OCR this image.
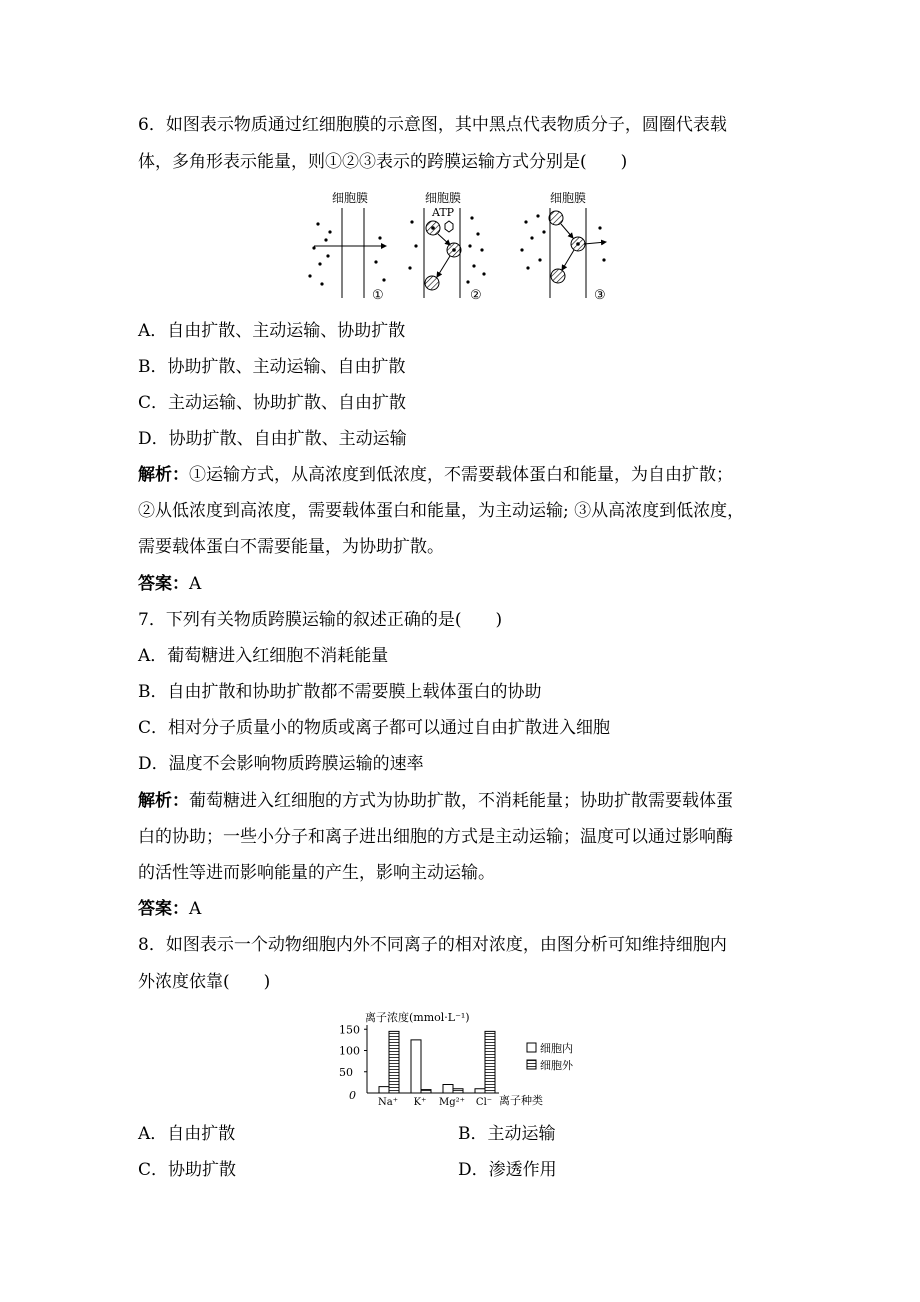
6．如图表示物质通过红细胞膜的示意图，其中黑点代表物质分子，圆圈代表载
体，多角形表示能量，则①②③表示的跨膜运输方式分别是(　　)
细胞膜
①
细胞膜
ATP
②
细胞膜
③
A．自由扩散、主动运输、协助扩散
B．协助扩散、主动运输、自由扩散
C．主动运输、协助扩散、自由扩散
D．协助扩散、自由扩散、主动运输
解析：①运输方式，从高浓度到低浓度，不需要载体蛋白和能量，为自由扩散；
②从低浓度到高浓度，需要载体蛋白和能量，为主动运输; ③从高浓度到低浓度，
需要载体蛋白不需要能量，为协助扩散。
答案：A
7．下列有关物质跨膜运输的叙述正确的是(　　)
A．葡萄糖进入红细胞不消耗能量
B．自由扩散和协助扩散都不需要膜上载体蛋白的协助
C．相对分子质量小的物质或离子都可以通过自由扩散进入细胞
D．温度不会影响物质跨膜运输的速率
解析：葡萄糖进入红细胞的方式为协助扩散，不消耗能量；协助扩散需要载体蛋
白的协助；一些小分子和离子进出细胞的方式是主动运输；温度可以通过影响酶
的活性等进而影响能量的产生，影响主动运输。
答案：A
8．如图表示一个动物细胞内外不同离子的相对浓度，由图分析可知维持细胞内
外浓度依靠(　　)
离子浓度(mmol·L⁻¹)
0	离子种类
150
100
50
Na⁺ K⁺ Mg²⁺ Cl⁻
细胞内
细胞外
A．自由扩散	B．主动运输
C．协助扩散	D．渗透作用
